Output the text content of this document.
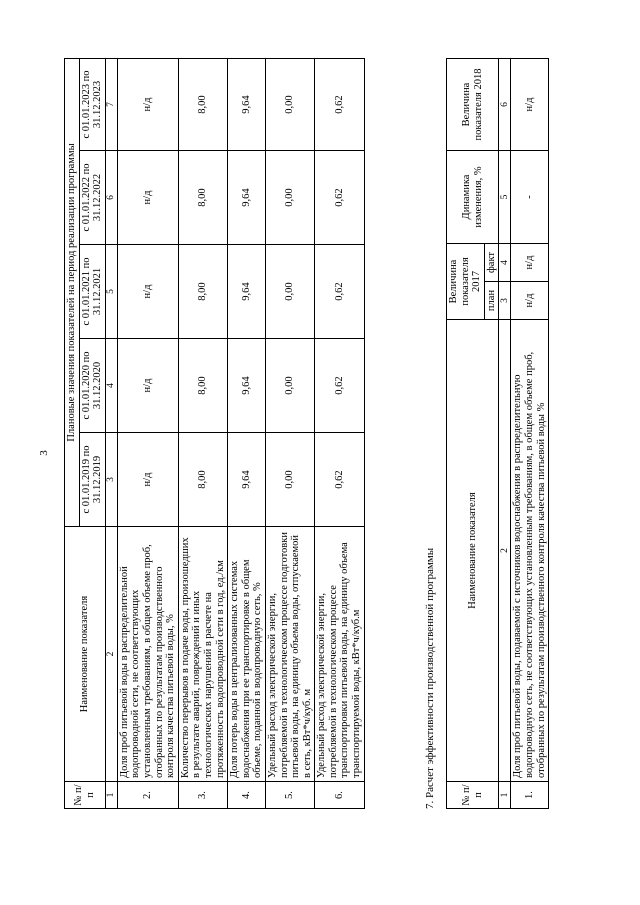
3
№ п/п	Наименование показателя	Плановые значения показателей на период реализации программы				
		с 01.01.2019 по 31.12.2019	с 01.01.2020 по 31.12.2020	с 01.01.2021 по 31.12.2021	с 01.01.2022 по 31.12.2022	с 01.01.2023 по 31.12.2023
1	2	3	4	5	6	7
2.	Доля проб питьевой воды в распределительной водопроводной сети, не соответствующих установленным требованиям, в общем объеме проб, отобранных по результатам производственного контроля качества питьевой воды, %	н/д	н/д	н/д	н/д	н/д
3.	Количество перерывов в подаче воды, произошедших в результате аварий, повреждений и иных технологических нарушений в расчете на протяженность водопроводной сети в год, ед./км	8,00	8,00	8,00	8,00	8,00
4.	Доля потерь воды в централизованных системах водоснабжения при ее транспортировке в общем объеме, поданной в водопроводную сеть, %	9,64	9,64	9,64	9,64	9,64
5.	Удельный расход электрической энергии, потребляемой в технологическом процессе подготовки питьевой воды, на единицу объема воды, отпускаемой в сеть, кВт*ч/куб. м	0,00	0,00	0,00	0,00	0,00
6.	Удельный расход электрической энергии, потребляемой в технологическом процессе транспортировки питьевой воды, на единицу объема транспортируемой воды, кВт*ч/куб.м	0,62	0,62	0,62	0,62	0,62
7. Расчет эффективности производственной программы № п/п	Наименование показателя	Величина показателя 2017		Динамика изменения, %	Величина показателя 2018
		план	факт		
1	2	3	4	5	6
1.	Доля проб питьевой воды, подаваемой с источников водоснабжения в распределительную водопроводную сеть, не соответствующих установленным требованиям, в общем объеме проб, отобранных по результатам производственного контроля качества питьевой воды %	н/д	н/д	-	н/д
